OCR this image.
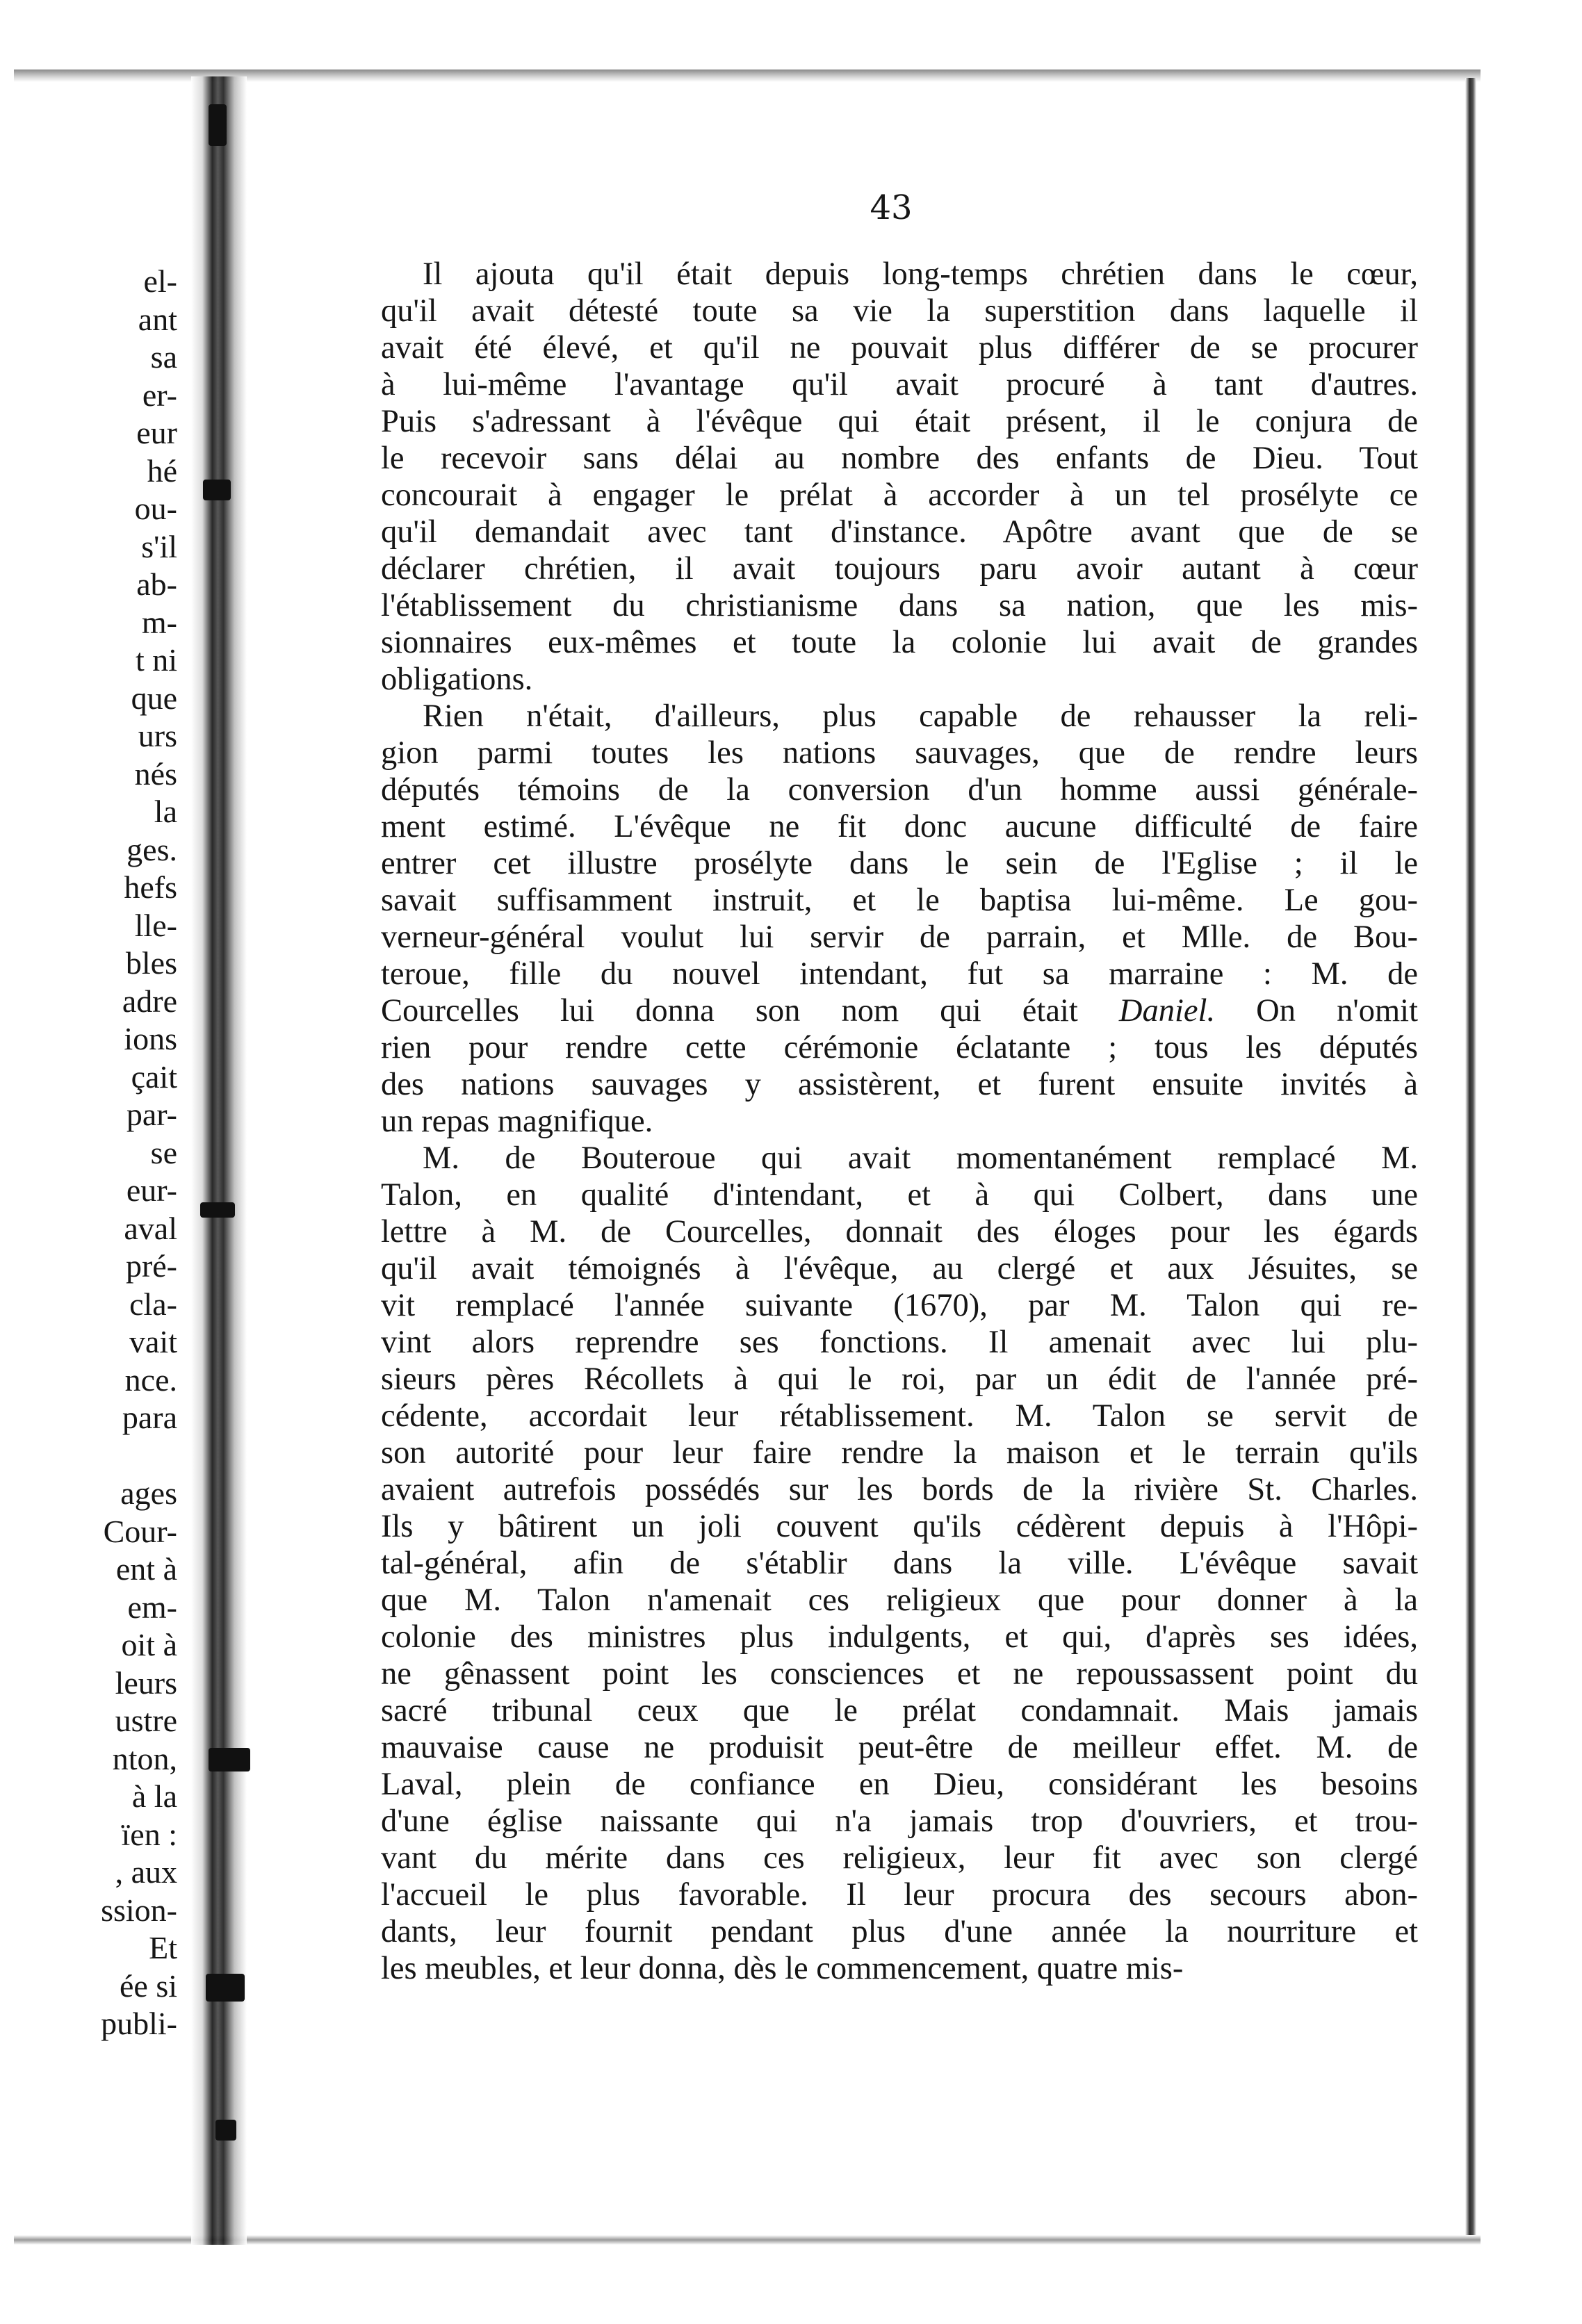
43
Il ajouta qu'il était depuis long-temps chrétien dans le cœur,
qu'il avait détesté toute sa vie la superstition dans laquelle il
avait été élevé, et qu'il ne pouvait plus différer de se procurer
à lui-même l'avantage qu'il avait procuré à tant d'autres.
Puis s'adressant à l'évêque qui était présent, il le conjura de
le recevoir sans délai au nombre des enfants de Dieu. Tout
concourait à engager le prélat à accorder à un tel prosélyte ce
qu'il demandait avec tant d'instance. Apôtre avant que de se
déclarer chrétien, il avait toujours paru avoir autant à cœur
l'établissement du christianisme dans sa nation, que les mis-
sionnaires eux-mêmes et toute la colonie lui avait de grandes
obligations.
Rien n'était, d'ailleurs, plus capable de rehausser la reli-
gion parmi toutes les nations sauvages, que de rendre leurs
députés témoins de la conversion d'un homme aussi générale-
ment estimé. L'évêque ne fit donc aucune difficulté de faire
entrer cet illustre prosélyte dans le sein de l'Eglise ; il le
savait suffisamment instruit, et le baptisa lui-même. Le gou-
verneur-général voulut lui servir de parrain, et Mlle. de Bou-
teroue, fille du nouvel intendant, fut sa marraine : M. de
Courcelles lui donna son nom qui était Daniel. On n'omit
rien pour rendre cette cérémonie éclatante ; tous les députés
des nations sauvages y assistèrent, et furent ensuite invités à
un repas magnifique.
M. de Bouteroue qui avait momentanément remplacé M.
Talon, en qualité d'intendant, et à qui Colbert, dans une
lettre à M. de Courcelles, donnait des éloges pour les égards
qu'il avait témoignés à l'évêque, au clergé et aux Jésuites, se
vit remplacé l'année suivante (1670), par M. Talon qui re-
vint alors reprendre ses fonctions. Il amenait avec lui plu-
sieurs pères Récollets à qui le roi, par un édit de l'année pré-
cédente, accordait leur rétablissement. M. Talon se servit de
son autorité pour leur faire rendre la maison et le terrain qu'ils
avaient autrefois possédés sur les bords de la rivière St. Charles.
Ils y bâtirent un joli couvent qu'ils cédèrent depuis à l'Hôpi-
tal-général, afin de s'établir dans la ville. L'évêque savait
que M. Talon n'amenait ces religieux que pour donner à la
colonie des ministres plus indulgents, et qui, d'après ses idées,
ne gênassent point les consciences et ne repoussassent point du
sacré tribunal ceux que le prélat condamnait. Mais jamais
mauvaise cause ne produisit peut-être de meilleur effet. M. de
Laval, plein de confiance en Dieu, considérant les besoins
d'une église naissante qui n'a jamais trop d'ouvriers, et trou-
vant du mérite dans ces religieux, leur fit avec son clergé
l'accueil le plus favorable. Il leur procura des secours abon-
dants, leur fournit pendant plus d'une année la nourriture et
les meubles, et leur donna, dès le commencement, quatre mis-
el-
ant
sa
er-
eur
hé
ou-
s'il
ab-
m-
t ni
que
urs
nés
la
ges.
hefs
lle-
bles
adre
ions
çait
par-
se
eur-
aval
pré-
cla-
vait
nce.
para
ages
Cour-
ent à
em-
oit à
leurs
ustre
nton,
à la
ïen :
, aux
ssion-
Et
ée si
publi-
